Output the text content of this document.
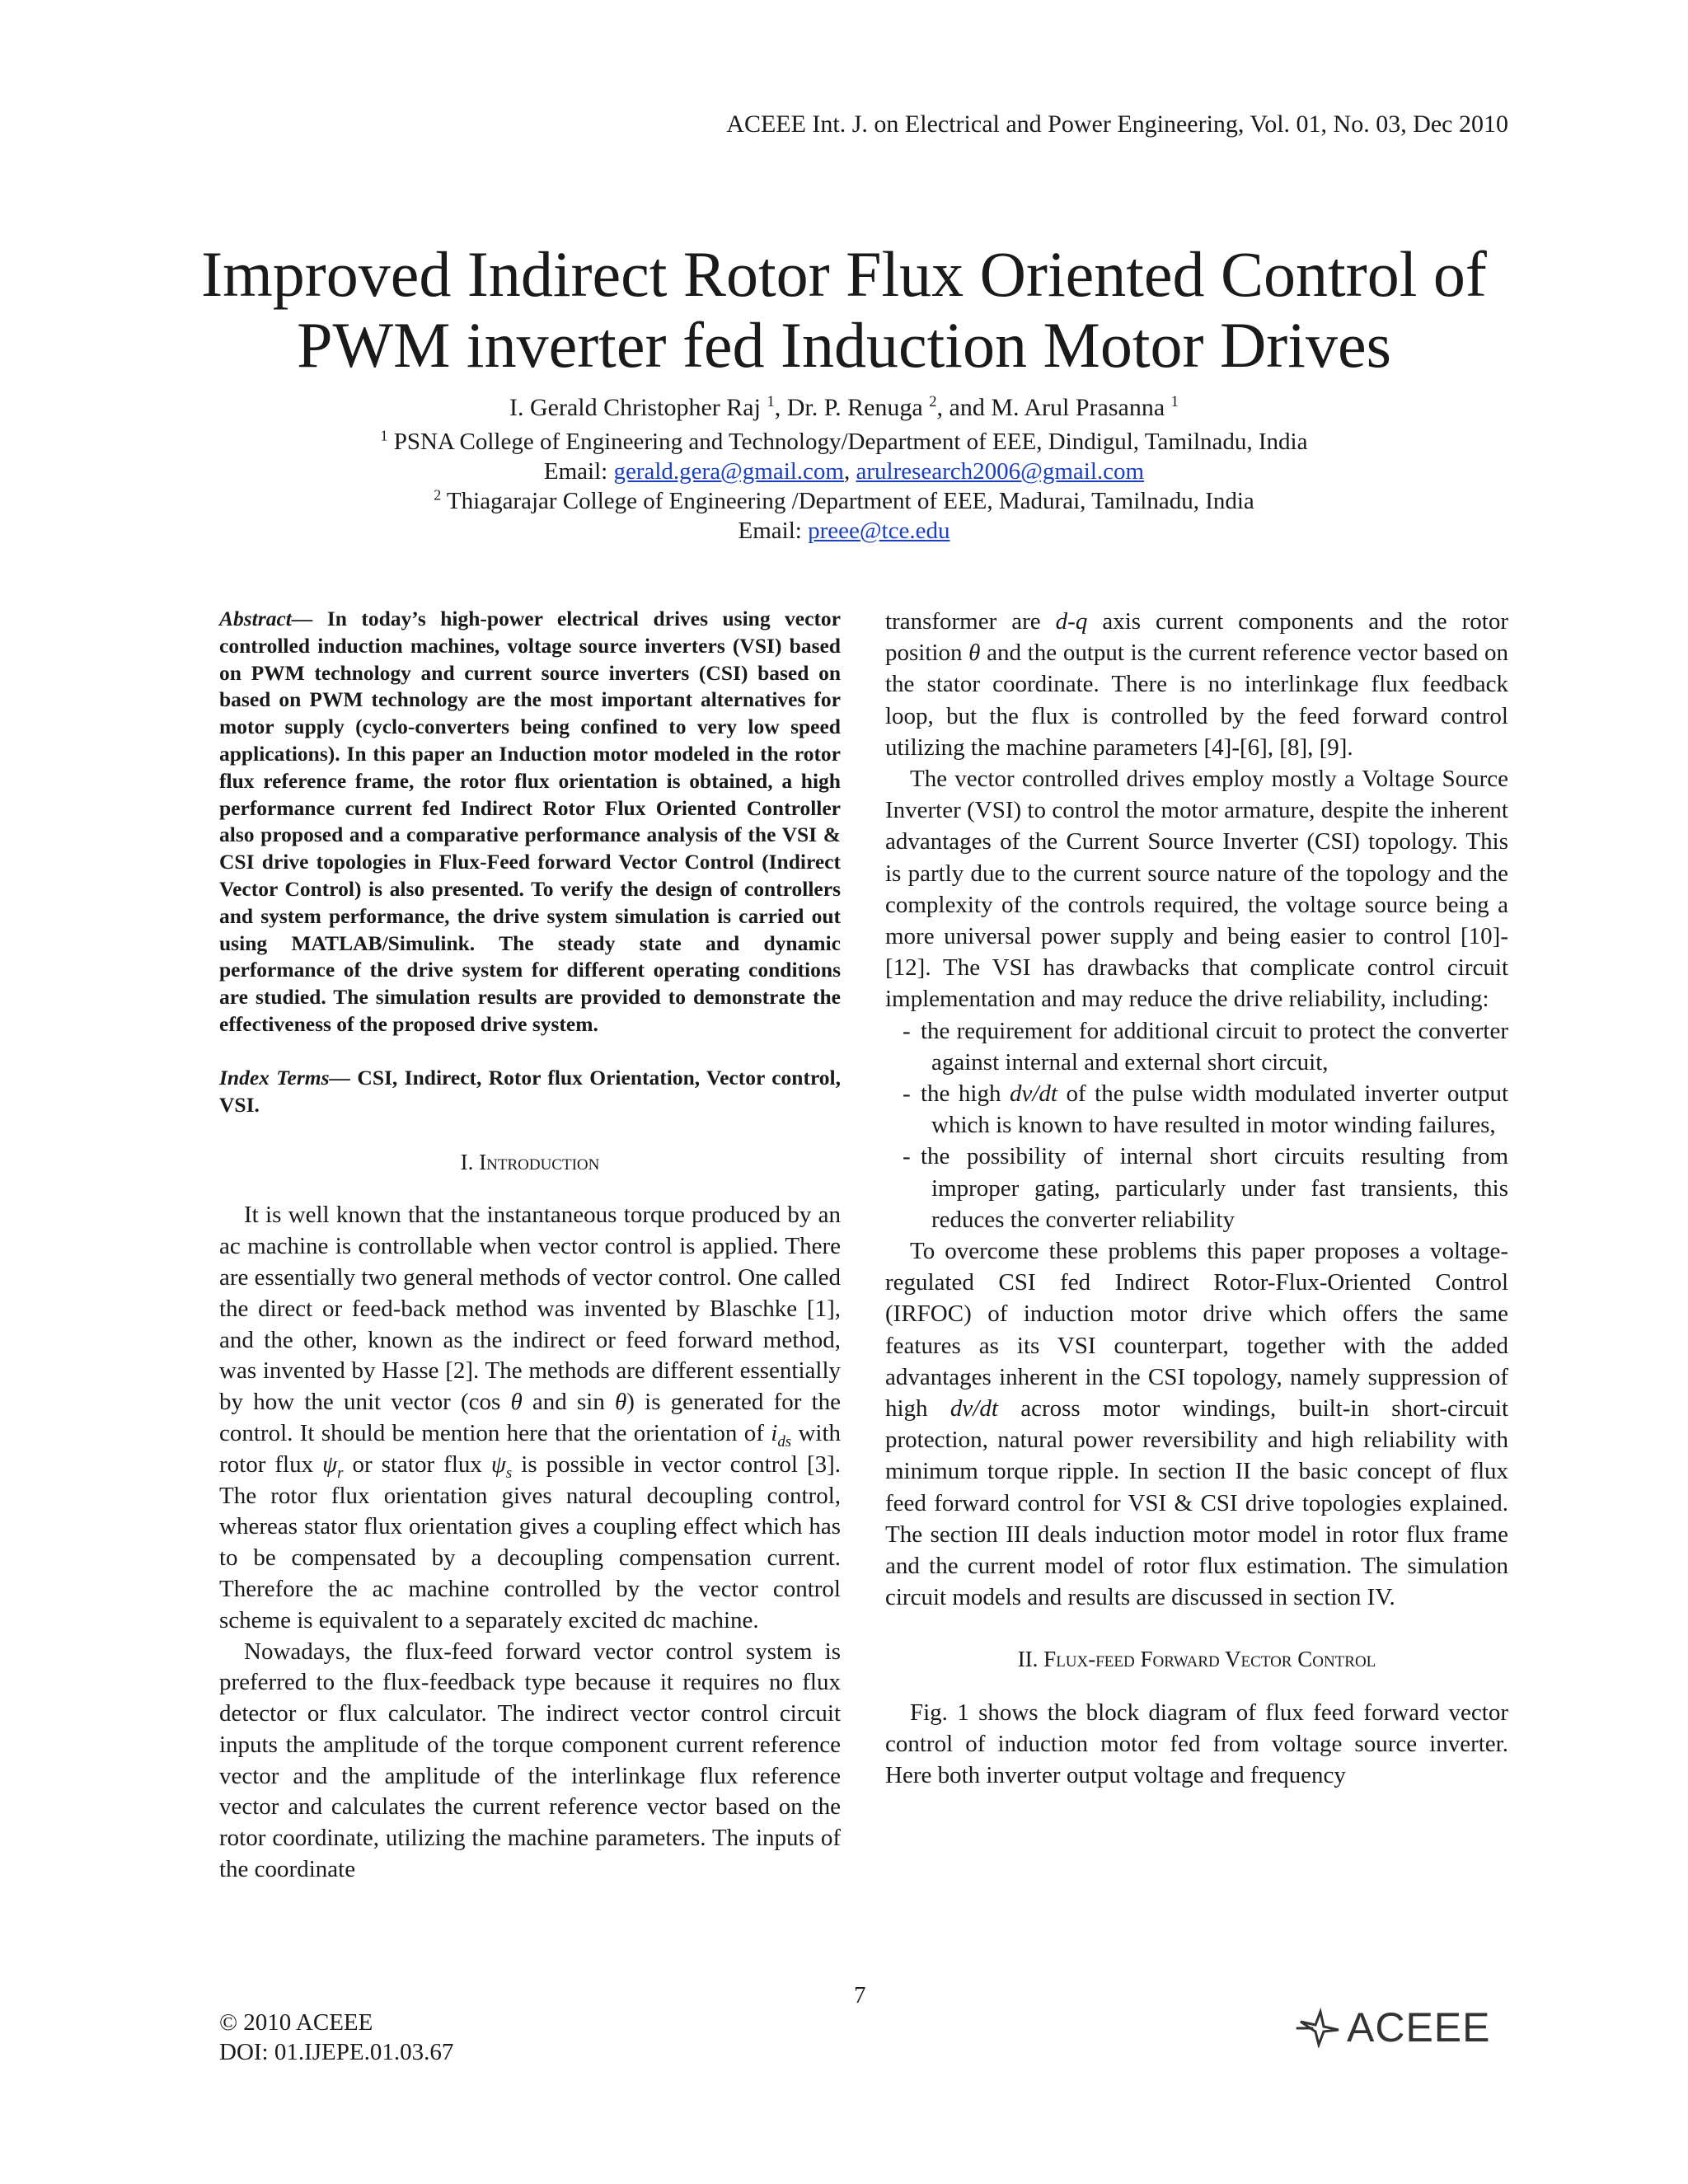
ACEEE Int. J. on Electrical and Power Engineering, Vol. 01, No. 03, Dec 2010
Improved Indirect Rotor Flux Oriented Control of
PWM inverter fed Induction Motor Drives
I. Gerald Christopher Raj $^1$, Dr. P. Renuga $^2$, and M. Arul Prasanna $^1$
$^1$ PSNA College of Engineering and Technology/Department of EEE, Dindigul, Tamilnadu, India
Email: gerald.gera@gmail.com, arulresearch2006@gmail.com
$^2$ Thiagarajar College of Engineering /Department of EEE, Madurai, Tamilnadu, India
Email: preee@tce.edu

Abstract— In today’s high-power electrical drives using vector controlled induction machines, voltage source inverters (VSI) based on PWM technology and current source inverters (CSI) based on based on PWM technology are the most important alternatives for motor supply (cyclo-converters being confined to very low speed applications). In this paper an Induction motor modeled in the rotor flux reference frame, the rotor flux orientation is obtained, a high performance current fed Indirect Rotor Flux Oriented Controller also proposed and a comparative performance analysis of the VSI & CSI drive topologies in Flux-Feed forward Vector Control (Indirect Vector Control) is also presented. To verify the design of controllers and system performance, the drive system simulation is carried out using MATLAB/Simulink. The steady state and dynamic performance of the drive system for different operating conditions are studied. The simulation results are provided to demonstrate the effectiveness of the proposed drive system.

Index Terms— CSI, Indirect, Rotor flux Orientation, Vector control, VSI.

I. Introduction

It is well known that the instantaneous torque produced by an ac machine is controllable when vector control is applied. There are essentially two general methods of vector control. One called the direct or feed-back method was invented by Blaschke [1], and the other, known as the indirect or feed forward method, was invented by Hasse [2]. The methods are different essentially by how the unit vector (cos θ and sin θ) is generated for the control. It should be mention here that the orientation of $i_{ds}$ with rotor flux $\psi_r$ or stator flux $\psi_s$ is possible in vector control [3]. The rotor flux orientation gives natural decoupling control, whereas stator flux orientation gives a coupling effect which has to be compensated by a decoupling compensation current. Therefore the ac machine controlled by the vector control scheme is equivalent to a separately excited dc machine.

Nowadays, the flux-feed forward vector control system is preferred to the flux-feedback type because it requires no flux detector or flux calculator. The indirect vector control circuit inputs the amplitude of the torque component current reference vector and the amplitude of the interlinkage flux reference vector and calculates the current reference vector based on the rotor coordinate, utilizing the machine parameters. The inputs of the coordinate

transformer are d-q axis current components and the rotor position θ and the output is the current reference vector based on the stator coordinate. There is no interlinkage flux feedback loop, but the flux is controlled by the feed forward control utilizing the machine parameters [4]-[6], [8], [9].

The vector controlled drives employ mostly a Voltage Source Inverter (VSI) to control the motor armature, despite the inherent advantages of the Current Source Inverter (CSI) topology. This is partly due to the current source nature of the topology and the complexity of the controls required, the voltage source being a more universal power supply and being easier to control [10]-[12]. The VSI has drawbacks that complicate control circuit implementation and may reduce the drive reliability, including:

- the requirement for additional circuit to protect the converter against internal and external short circuit,
- the high dv/dt of the pulse width modulated inverter output which is known to have resulted in motor winding failures,
- the possibility of internal short circuits resulting from improper gating, particularly under fast transients, this reduces the converter reliability

To overcome these problems this paper proposes a voltage-regulated CSI fed Indirect Rotor-Flux-Oriented Control (IRFOC) of induction motor drive which offers the same features as its VSI counterpart, together with the added advantages inherent in the CSI topology, namely suppression of high dv/dt across motor windings, built-in short-circuit protection, natural power reversibility and high reliability with minimum torque ripple. In section II the basic concept of flux feed forward control for VSI & CSI drive topologies explained. The section III deals induction motor model in rotor flux frame and the current model of rotor flux estimation. The simulation circuit models and results are discussed in section IV.

II. Flux-feed Forward Vector Control

Fig. 1 shows the block diagram of flux feed forward vector control of induction motor fed from voltage source inverter. Here both inverter output voltage and frequency

7
© 2010 ACEEE
DOI: 01.IJEPE.01.03.67
ACEEE
